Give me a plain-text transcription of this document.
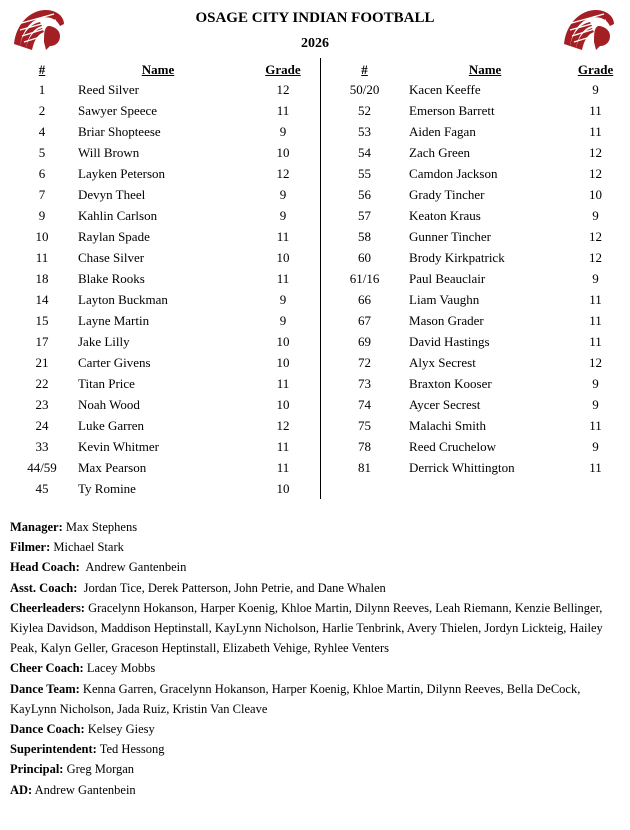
OSAGE CITY INDIAN FOOTBALL
2026
#	Name	Grade
1	Reed Silver	12
2	Sawyer Speece	11
4	Briar Shopteese	9
5	Will Brown	10
6	Layken Peterson	12
7	Devyn Theel	9
9	Kahlin Carlson	9
10	Raylan Spade	11
11	Chase Silver	10
18	Blake Rooks	11
14	Layton Buckman	9
15	Layne Martin	9
17	Jake Lilly	10
21	Carter Givens	10
22	Titan Price	11
23	Noah Wood	10
24	Luke Garren	12
33	Kevin Whitmer	11
44/59	Max Pearson	11
45	Ty Romine	10
#	Name	Grade
50/20	Kacen Keeffe	9
52	Emerson Barrett	11
53	Aiden Fagan	11
54	Zach Green	12
55	Camdon Jackson	12
56	Grady Tincher	10
57	Keaton Kraus	9
58	Gunner Tincher	12
60	Brody Kirkpatrick	12
61/16	Paul Beauclair	9
66	Liam Vaughn	11
67	Mason Grader	11
69	David Hastings	11
72	Alyx Secrest	12
73	Braxton Kooser	9
74	Aycer Secrest	9
75	Malachi Smith	11
78	Reed Cruchelow	9
81	Derrick Whittington	11

Manager: Max Stephens

Filmer: Michael Stark

Head Coach:  Andrew Gantenbein

Asst. Coach:  Jordan Tice, Derek Patterson, John Petrie, and Dane Whalen

Cheerleaders: Gracelynn Hokanson, Harper Koenig, Khloe Martin, Dilynn Reeves, Leah Riemann, Kenzie Bellinger, Kiylea Davidson, Maddison Heptinstall, KayLynn Nicholson, Harlie Tenbrink, Avery Thielen, Jordyn Lickteig, Hailey Peak, Kalyn Geller, Graceson Heptinstall, Elizabeth Vehige, Ryhlee Venters

Cheer Coach: Lacey Mobbs

Dance Team: Kenna Garren, Gracelynn Hokanson, Harper Koenig, Khloe Martin, Dilynn Reeves, Bella DeCock, KayLynn Nicholson, Jada Ruiz, Kristin Van Cleave

Dance Coach: Kelsey Giesy

Superintendent: Ted Hessong

Principal: Greg Morgan

AD: Andrew Gantenbein
